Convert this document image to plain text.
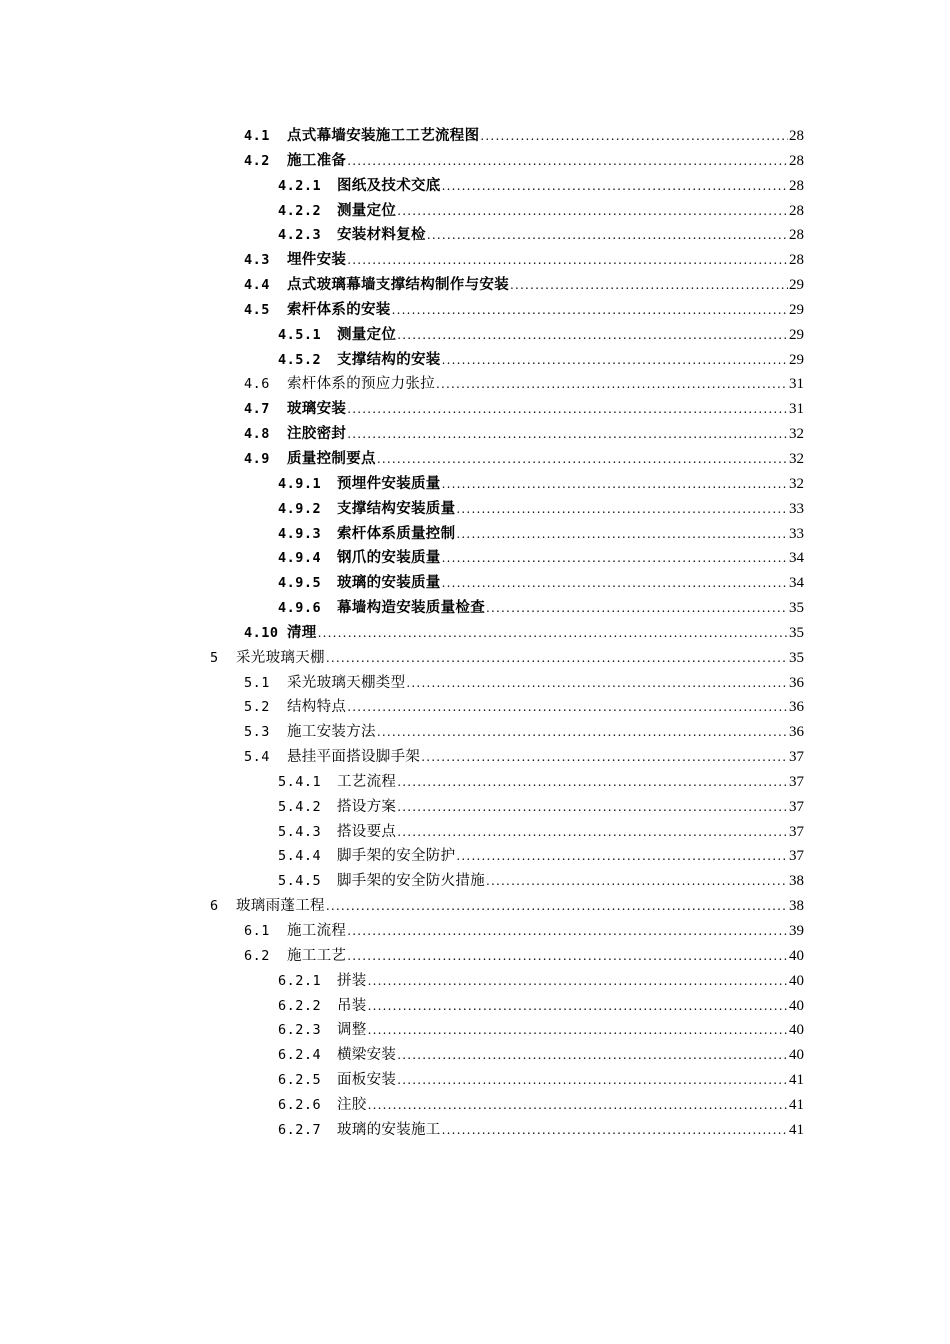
4.1	点式幕墙安装施工工艺流程图 .....	28
4.2	施工准备 .....	28
4.2.1	图纸及技术交底 .....	28
4.2.2	测量定位 .....	28
4.2.3	安装材料复检 .....	28
4.3	埋件安装 .....	28
4.4	点式玻璃幕墙支撑结构制作与安装 .....	29
4.5	索杆体系的安装 .....	29
4.5.1	测量定位 .....	29
4.5.2	支撑结构的安装 .....	29
4.6	索杆体系的预应力张拉 .....	31
4.7	玻璃安装 .....	31
4.8	注胶密封 .....	32
4.9	质量控制要点 .....	32
4.9.1	预埋件安装质量 .....	32
4.9.2	支撑结构安装质量 .....	33
4.9.3	索杆体系质量控制 .....	33
4.9.4	钢爪的安装质量 .....	34
4.9.5	玻璃的安装质量 .....	34
4.9.6	幕墙构造安装质量检查 .....	35
4.10 清理 .....	35
5	采光玻璃天棚 .....	35
5.1	采光玻璃天棚类型 .....	36
5.2	结构特点 .....	36
5.3	施工安装方法 .....	36
5.4	悬挂平面搭设脚手架 .....	37
5.4.1	工艺流程 .....	37
5.4.2	搭设方案 .....	37
5.4.3	搭设要点 .....	37
5.4.4	脚手架的安全防护 .....	37
5.4.5	脚手架的安全防火措施 .....	38
6	玻璃雨蓬工程 .....	38
6.1	施工流程 .....	39
6.2	施工工艺 .....	40
6.2.1	拼装 .....	40
6.2.2	吊装 .....	40
6.2.3	调整 .....	40
6.2.4	横梁安装 .....	40
6.2.5	面板安装 .....	41
6.2.6	注胶 .....	41
6.2.7	玻璃的安装施工 .....	41
